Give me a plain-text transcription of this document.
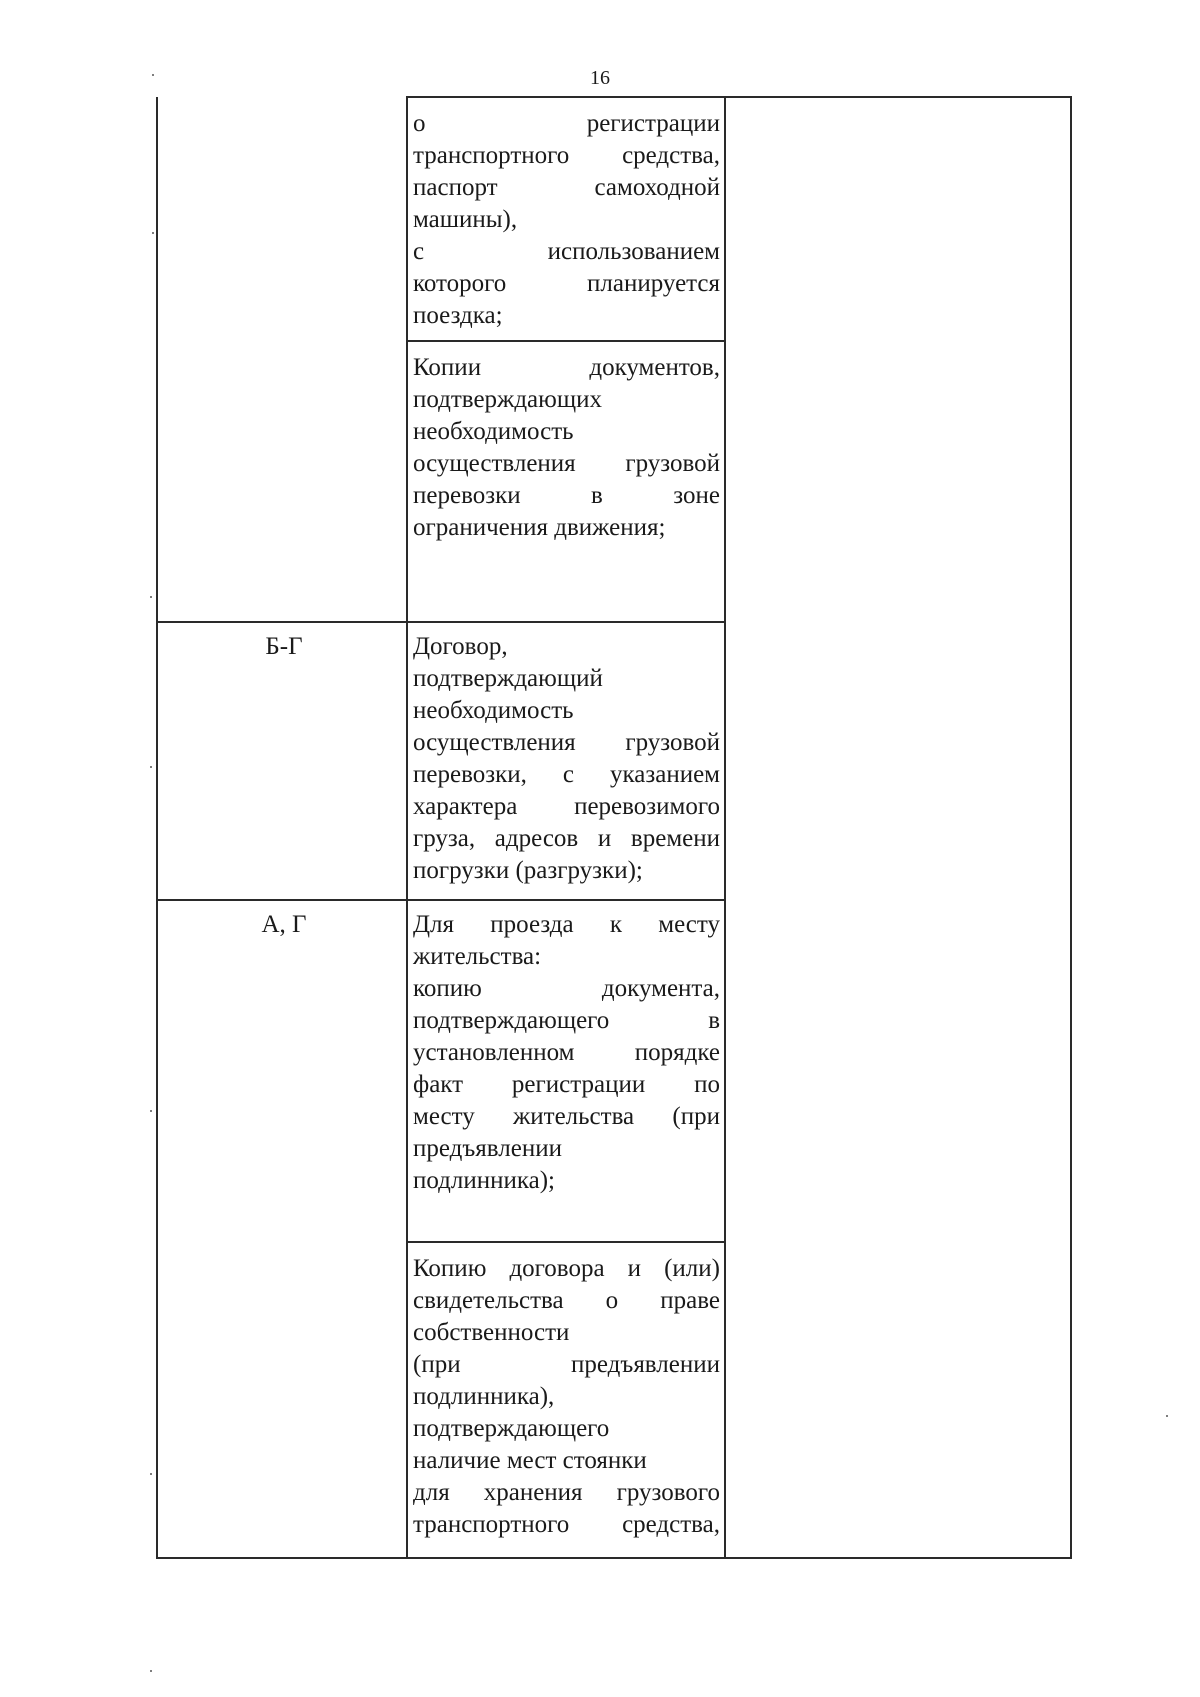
16
Б-Г
А, Г
о регистрации
транспортного средства,
паспорт самоходной
машины),
с использованием
которого планируется
поездка;
Копии документов,
подтверждающих
необходимость
осуществления грузовой
перевозки в зоне
ограничения движения;
Договор,
подтверждающий
необходимость
осуществления грузовой
перевозки, с указанием
характера перевозимого
груза, адресов и времени
погрузки (разгрузки);
Для проезда к месту
жительства:
копию документа,
подтверждающего в
установленном порядке
факт регистрации по
месту жительства (при
предъявлении
подлинника);
Копию договора и (или)
свидетельства о праве
собственности
(при предъявлении
подлинника),
подтверждающего
наличие мест стоянки
для хранения грузового
транспортного средства,
